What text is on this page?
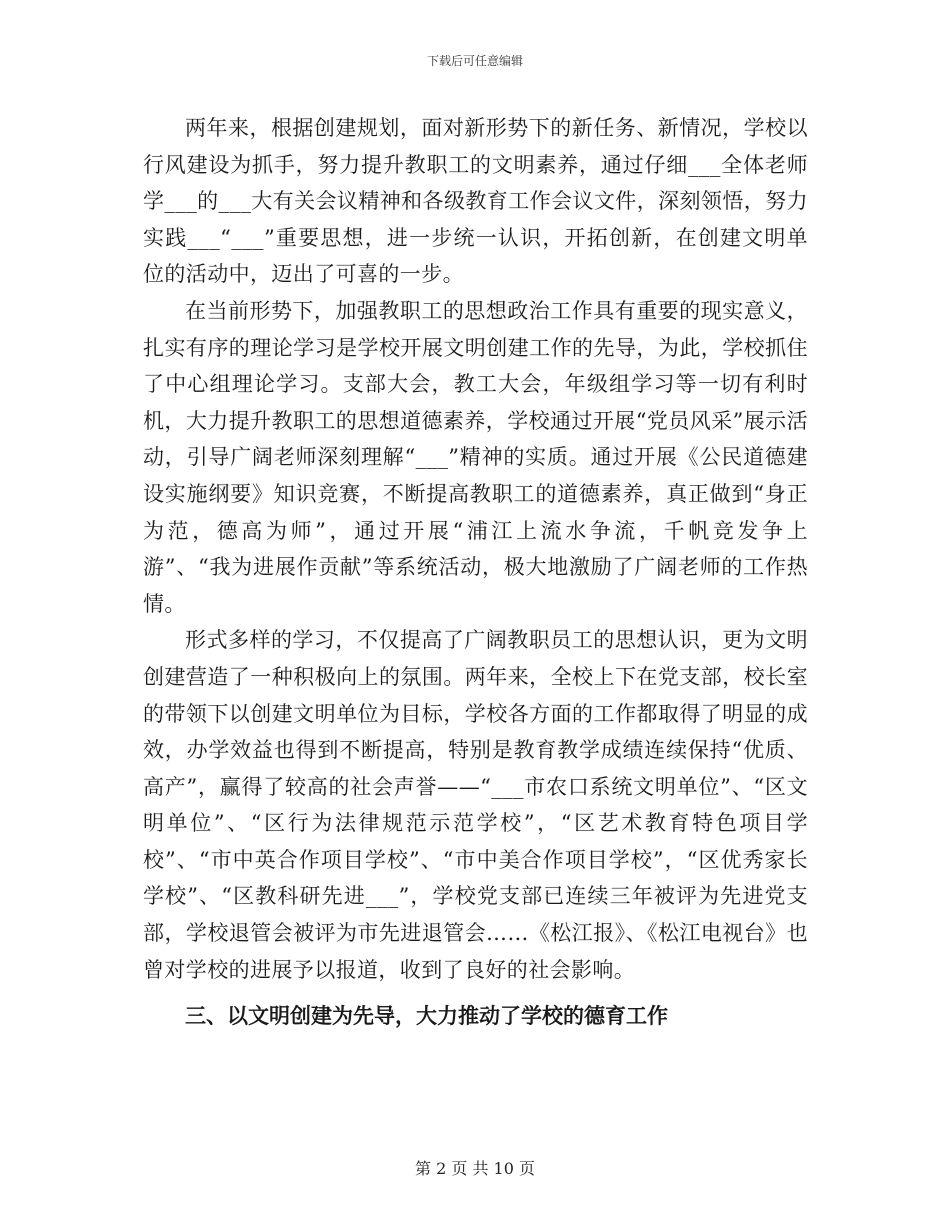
下载后可任意编辑

两年来，根据创建规划，面对新形势下的新任务、新情况，学校以行风建设为抓手，努力提升教职工的文明素养，通过仔细___全体老师学___的___大有关会议精神和各级教育工作会议文件，深刻领悟，努力实践___“___”重要思想，进一步统一认识，开拓创新，在创建文明单位的活动中，迈出了可喜的一步。

在当前形势下，加强教职工的思想政治工作具有重要的现实意义，扎实有序的理论学习是学校开展文明创建工作的先导，为此，学校抓住了中心组理论学习。支部大会，教工大会，年级组学习等一切有利时机，大力提升教职工的思想道德素养，学校通过开展“党员风采”展示活动，引导广阔老师深刻理解“___”精神的实质。通过开展《公民道德建设实施纲要》知识竞赛，不断提高教职工的道德素养，真正做到“身正为范，德高为师”，通过开展“浦江上流水争流，千帆竞发争上游”、“我为进展作贡献”等系统活动，极大地激励了广阔老师的工作热情。

形式多样的学习，不仅提高了广阔教职员工的思想认识，更为文明创建营造了一种积极向上的氛围。两年来，全校上下在党支部，校长室的带领下以创建文明单位为目标，学校各方面的工作都取得了明显的成效，办学效益也得到不断提高，特别是教育教学成绩连续保持“优质、高产”，赢得了较高的社会声誉——“___市农口系统文明单位”、“区文明单位”、“区行为法律规范示范学校”，“区艺术教育特色项目学校”、“市中英合作项目学校”、“市中美合作项目学校”，“区优秀家长学校”、“区教科研先进___”，学校党支部已连续三年被评为先进党支部，学校退管会被评为市先进退管会……《松江报》、《松江电视台》也曾对学校的进展予以报道，收到了良好的社会影响。

三、以文明创建为先导，大力推动了学校的德育工作

第 2 页 共 10 页
